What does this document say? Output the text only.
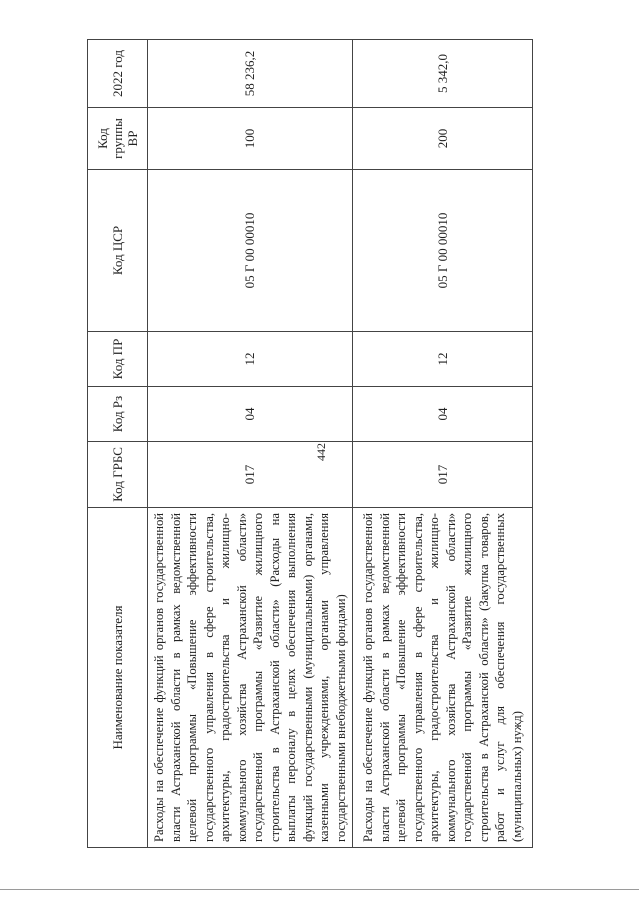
442
Наименование показателя	Код ГРБС	Код Рз	Код ПР	Код ЦСР	Код группы ВР	2022 год
Расходы на обеспечение функций органов государственной власти Астраханской области в рамках ведомственной целевой программы «Повышение эффективности государственного управления в сфере строительства, архитектуры, градостроительства и жилищно-коммунального хозяйства Астраханской области» государственной программы «Развитие жилищного строительства в Астраханской области» (Расходы на выплаты персоналу в целях обеспечения выполнения функций государственными (муниципальными) органами, казенными учреждениями, органами управления государственными внебюджетными фондами)	017	04	12	05 Г 00 00010	100	58 236,2
Расходы на обеспечение функций органов государственной власти Астраханской области в рамках ведомственной целевой программы «Повышение эффективности государственного управления в сфере строительства, архитектуры, градостроительства и жилищно-коммунального хозяйства Астраханской области» государственной программы «Развитие жилищного строительства в Астраханской области» (Закупка товаров, работ и услуг для обеспечения государственных (муниципальных) нужд)	017	04	12	05 Г 00 00010	200	5 342,0
